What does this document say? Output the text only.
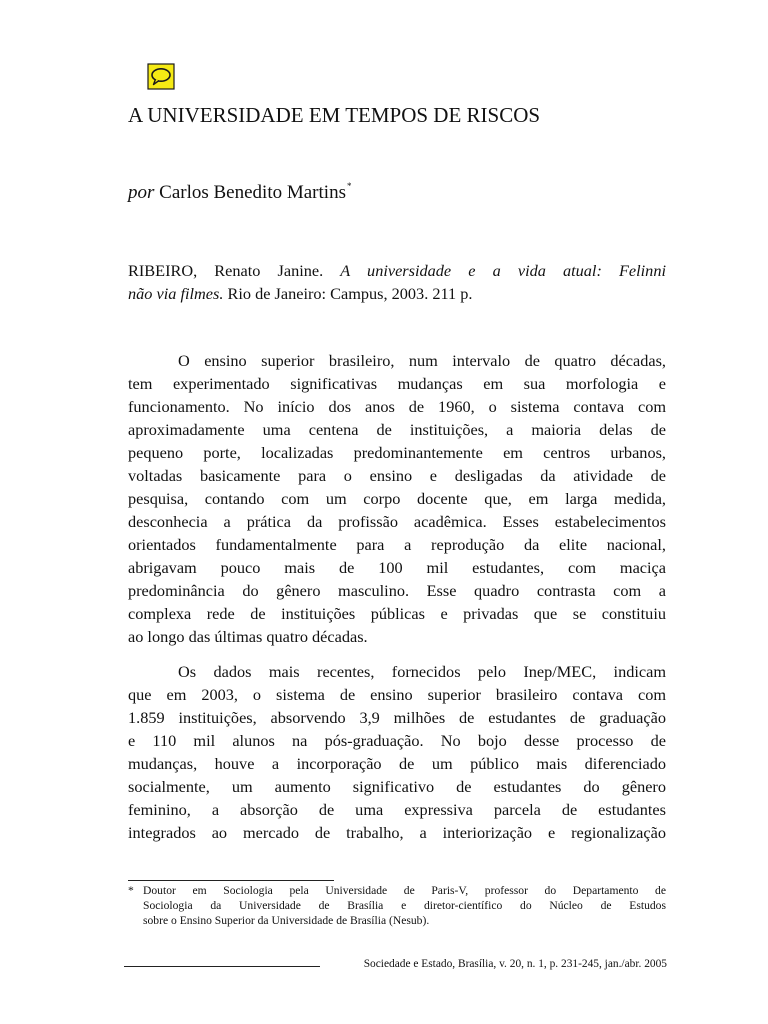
A UNIVERSIDADE EM TEMPOS DE RISCOS

por Carlos Benedito Martins*

RIBEIRO, Renato Janine. A universidade e a vida atual: Felinni

não via filmes. Rio de Janeiro: Campus, 2003. 211 p.

O ensino superior brasileiro, num intervalo de quatro décadas,
tem experimentado significativas mudanças em sua morfologia e
funcionamento. No início dos anos de 1960, o sistema contava com
aproximadamente uma centena de instituições, a maioria delas de
pequeno porte, localizadas predominantemente em centros urbanos,
voltadas basicamente para o ensino e desligadas da atividade de
pesquisa, contando com um corpo docente que, em larga medida,
desconhecia a prática da profissão acadêmica. Esses estabelecimentos
orientados fundamentalmente para a reprodução da elite nacional,
abrigavam pouco mais de 100 mil estudantes, com maciça
predominância do gênero masculino. Esse quadro contrasta com a
complexa rede de instituições públicas e privadas que se constituiu
ao longo das últimas quatro décadas.
Os dados mais recentes, fornecidos pelo Inep/MEC, indicam
que em 2003, o sistema de ensino superior brasileiro contava com
1.859 instituições, absorvendo 3,9 milhões de estudantes de graduação
e 110 mil alunos na pós-graduação. No bojo desse processo de
mudanças, houve a incorporação de um público mais diferenciado
socialmente, um aumento significativo de estudantes do gênero
feminino, a absorção de uma expressiva parcela de estudantes
integrados ao mercado de trabalho, a interiorização e regionalização
* Doutor em Sociologia pela Universidade de Paris-V, professor do Departamento de
Sociologia da Universidade de Brasília e diretor-científico do Núcleo de Estudos
sobre o Ensino Superior da Universidade de Brasília (Nesub).

Sociedade e Estado, Brasília, v. 20, n. 1, p. 231-245, jan./abr. 2005
